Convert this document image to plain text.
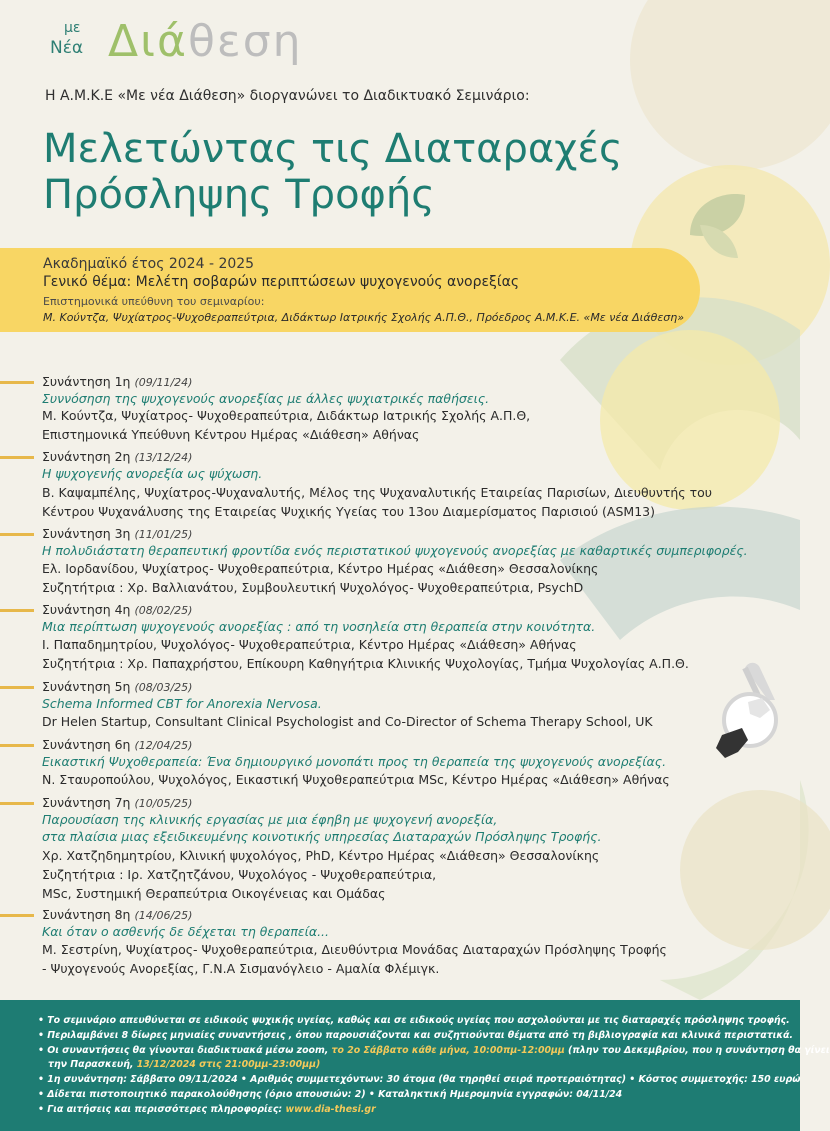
με
Νέα Διάθεση
Η Α.Μ.Κ.Ε «Με νέα Διάθεση» διοργανώνει το Διαδικτυακό Σεμινάριο:
Μελετώντας τις Διαταραχές
Πρόσληψης Τροφής
Ακαδημαϊκό έτος 2024 - 2025
Γενικό θέμα: Μελέτη σοβαρών περιπτώσεων ψυχογενούς ανορεξίας
Επιστημονικά υπεύθυνη του σεμιναρίου:
Μ. Κούντζα, Ψυχίατρος-Ψυχοθεραπεύτρια, Διδάκτωρ Ιατρικής Σχολής Α.Π.Θ., Πρόεδρος Α.Μ.Κ.Ε. «Με νέα Διάθεση»
Συνάντηση 1η (09/11/24)
Συννόσηση της ψυχογενούς ανορεξίας με άλλες ψυχιατρικές παθήσεις.
Μ. Κούντζα, Ψυχίατρος- Ψυχοθεραπεύτρια, Διδάκτωρ Ιατρικής Σχολής Α.Π.Θ,
Επιστημονικά Υπεύθυνη Κέντρου Ημέρας «Διάθεση» Αθήνας
Συνάντηση 2η (13/12/24)
Η ψυχογενής ανορεξία ως ψύχωση.
Β. Καψαμπέλης, Ψυχίατρος-Ψυχαναλυτής, Μέλος της Ψυχαναλυτικής Εταιρείας Παρισίων, Διευθυντής του
Κέντρου Ψυχανάλυσης της Εταιρείας Ψυχικής Υγείας του 13ου Διαμερίσματος Παρισιού (ASM13)
Συνάντηση 3η (11/01/25)
Η πολυδιάστατη θεραπευτική φροντίδα ενός περιστατικού ψυχογενούς ανορεξίας με καθαρτικές συμπεριφορές.
Ελ. Ιορδανίδου, Ψυχίατρος- Ψυχοθεραπεύτρια, Κέντρο Ημέρας «Διάθεση» Θεσσαλονίκης
Συζητήτρια : Χρ. Βαλλιανάτου, Συμβουλευτική Ψυχολόγος- Ψυχοθεραπεύτρια, PsychD
Συνάντηση 4η (08/02/25)
Μια περίπτωση ψυχογενούς ανορεξίας : από τη νοσηλεία στη θεραπεία στην κοινότητα.
Ι. Παπαδημητρίου, Ψυχολόγος- Ψυχοθεραπεύτρια, Κέντρο Ημέρας «Διάθεση» Αθήνας
Συζητήτρια : Χρ. Παπαχρήστου, Επίκουρη Καθηγήτρια Κλινικής Ψυχολογίας, Τμήμα Ψυχολογίας Α.Π.Θ.
Συνάντηση 5η (08/03/25)
Schema Informed CBT for Anorexia Nervosa.
Dr Helen Startup, Consultant Clinical Psychologist and Co-Director of Schema Therapy School, UK
Συνάντηση 6η (12/04/25)
Εικαστική Ψυχοθεραπεία: Ένα δημιουργικό μονοπάτι προς τη θεραπεία της ψυχογενούς ανορεξίας.
Ν. Σταυροπούλου, Ψυχολόγος, Εικαστική Ψυχοθεραπεύτρια MSc, Κέντρο Ημέρας «Διάθεση» Αθήνας
Συνάντηση 7η (10/05/25)
Παρουσίαση της κλινικής εργασίας με μια έφηβη με ψυχογενή ανορεξία,
στα πλαίσια μιας εξειδικευμένης κοινοτικής υπηρεσίας Διαταραχών Πρόσληψης Τροφής.
Χρ. Χατζηδημητρίου, Κλινική ψυχολόγος, PhD, Κέντρο Ημέρας «Διάθεση» Θεσσαλονίκης
Συζητήτρια : Ιρ. Χατζητζάνου, Ψυχολόγος - Ψυχοθεραπεύτρια,
MSc, Συστημική Θεραπεύτρια Οικογένειας και Ομάδας
Συνάντηση 8η (14/06/25)
Και όταν ο ασθενής δε δέχεται τη θεραπεία...
Μ. Σεστρίνη, Ψυχίατρος- Ψυχοθεραπεύτρια, Διευθύντρια Μονάδας Διαταραχών Πρόσληψης Τροφής
- Ψυχογενούς Ανορεξίας, Γ.Ν.Α Σισμανόγλειο - Αμαλία Φλέμιγκ.
• Το σεμινάριο απευθύνεται σε ειδικούς ψυχικής υγείας, καθώς και σε ειδικούς υγείας που ασχολούνται με τις διαταραχές πρόσληψης τροφής.
• Περιλαμβάνει 8 δίωρες μηνιαίες συναντήσεις , όπου παρουσιάζονται και συζητιούνται θέματα από τη βιβλιογραφία και κλινικά περιστατικά.
• Οι συναντήσεις θα γίνονται διαδικτυακά μέσω zoom, το 2ο Σάββατο κάθε μήνα, 10:00πμ-12:00μμ (πλην του Δεκεμβρίου, που η συνάντηση θα γίνει
την Παρασκευή, 13/12/2024 στις 21:00μμ-23:00μμ)
• 1η συνάντηση: Σάββατο 09/11/2024 • Αριθμός συμμετεχόντων: 30 άτομα (θα τηρηθεί σειρά προτεραιότητας) • Κόστος συμμετοχής: 150 ευρώ
• Δίδεται πιστοποιητικό παρακολούθησης (όριο απουσιών: 2) • Καταληκτική Ημερομηνία εγγραφών: 04/11/24
• Για αιτήσεις και περισσότερες πληροφορίες: www.dia-thesi.gr
